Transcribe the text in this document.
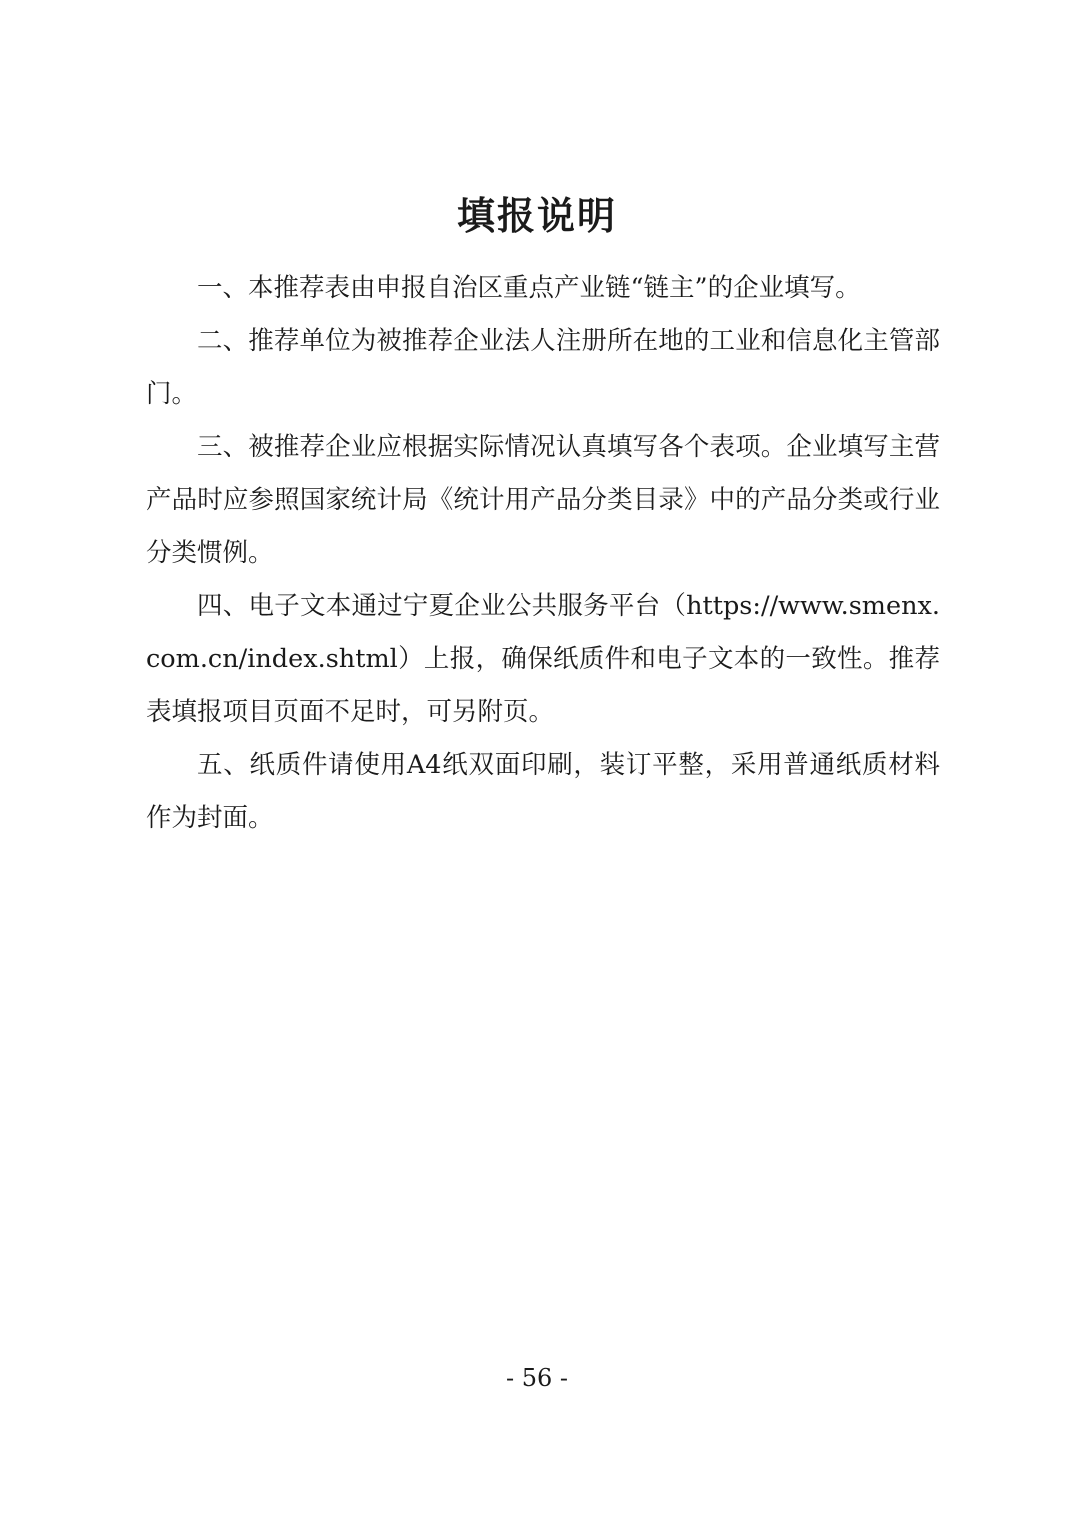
填报说明

一、本推荐表由申报自治区重点产业链“链主”的企业填写。

二、推荐单位为被推荐企业法人注册所在地的工业和信息化主管部门。

三、被推荐企业应根据实际情况认真填写各个表项。企业填写主营产品时应参照国家统计局《统计用产品分类目录》中的产品分类或行业分类惯例。

四、电子文本通过宁夏企业公共服务平台（https://www.smenx.com.cn/index.shtml）上报，确保纸质件和电子文本的一致性。推荐表填报项目页面不足时，可另附页。

五、纸质件请使用A4纸双面印刷，装订平整，采用普通纸质材料作为封面。

- 56 -
